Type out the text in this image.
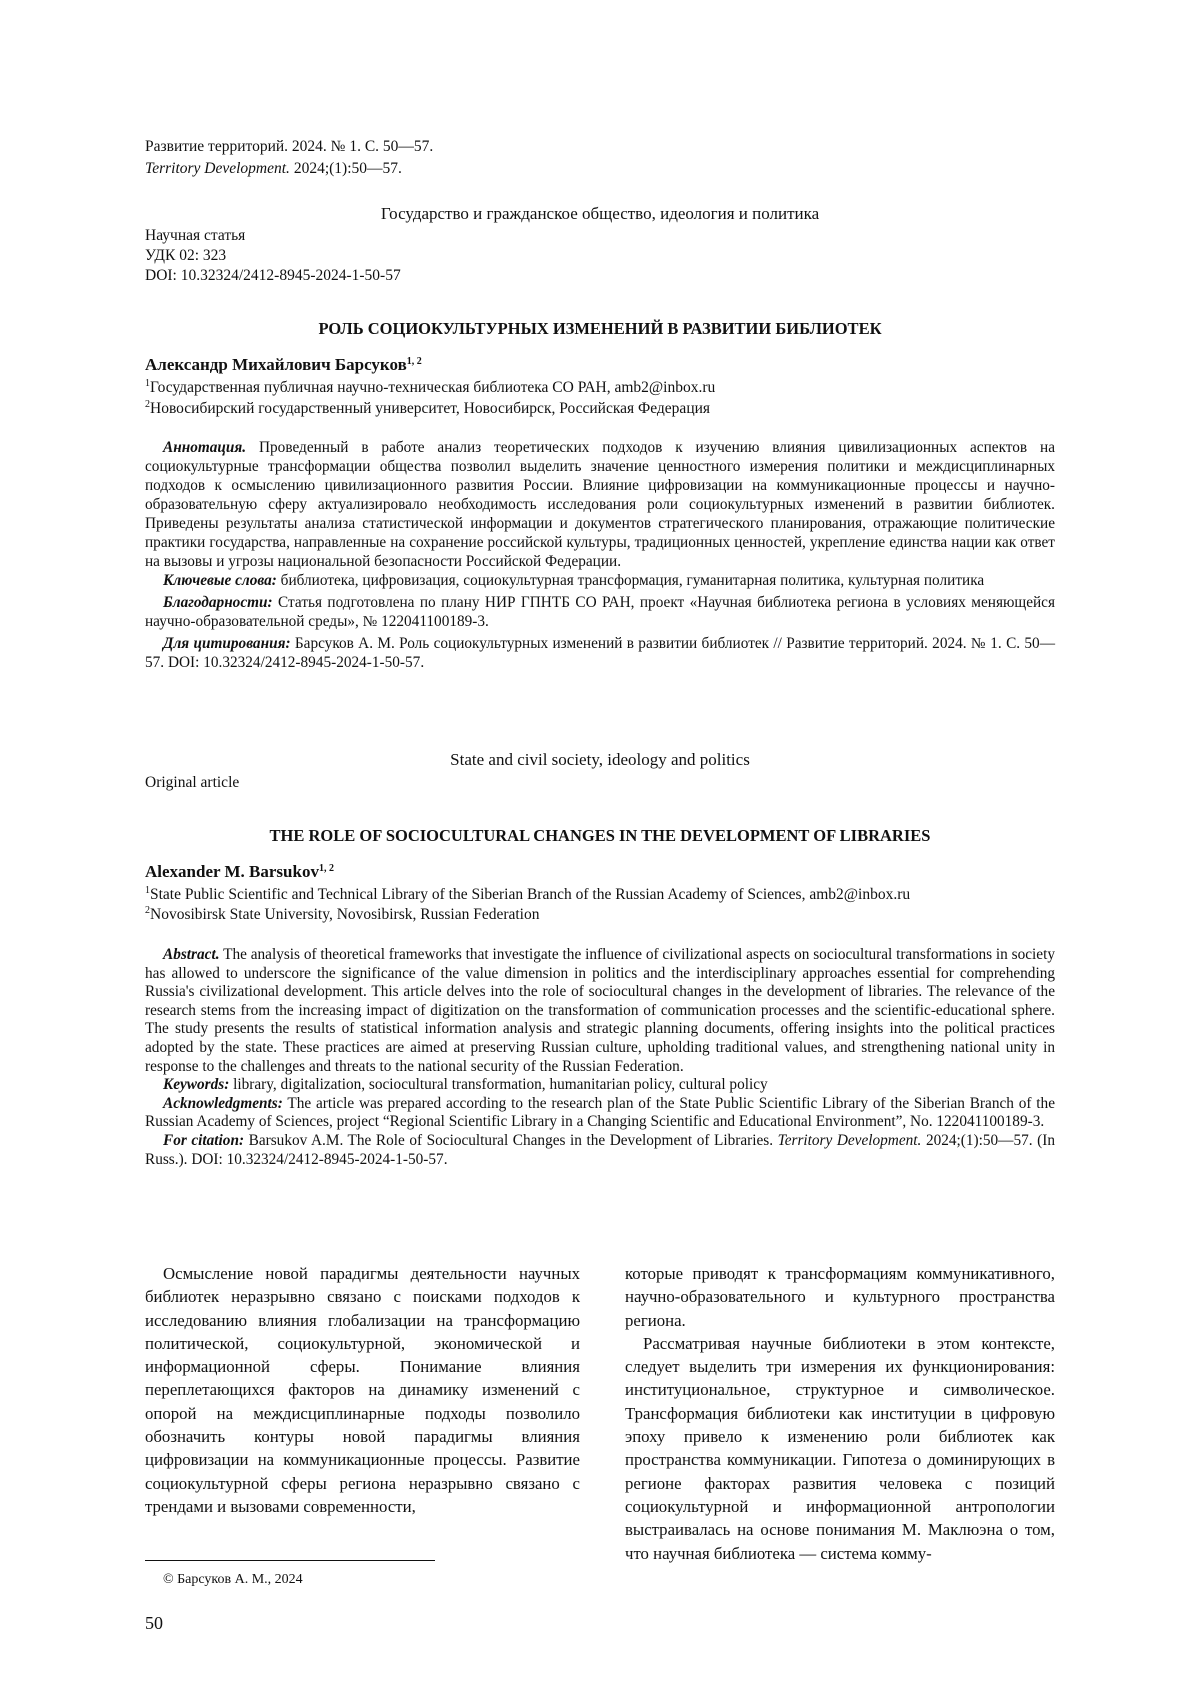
Развитие территорий. 2024. № 1. С. 50—57.
Territory Development. 2024;(1):50—57.
Государство и гражданское общество, идеология и политика
Научная статья
УДК 02: 323
DOI: 10.32324/2412-8945-2024-1-50-57
РОЛЬ СОЦИОКУЛЬТУРНЫХ ИЗМЕНЕНИЙ В РАЗВИТИИ БИБЛИОТЕК
Александр Михайлович Барсуков$^{1, 2}$
$^1$Государственная публичная научно-техническая библиотека СО РАН, amb2@inbox.ru
$^2$Новосибирский государственный университет, Новосибирск, Российская Федерация
Аннотация. Проведенный в работе анализ теоретических подходов к изучению влияния цивилизационных аспектов на социокультурные трансформации общества позволил выделить значение ценностного измерения политики и междисциплинарных подходов к осмыслению цивилизационного развития России. Влияние цифровизации на коммуникационные процессы и научно-образовательную сферу актуализировало необходимость исследования роли социокультурных изменений в развитии библиотек. Приведены результаты анализа статистической информации и документов стратегического планирования, отражающие политические практики государства, направленные на сохранение российской культуры, традиционных ценностей, укрепление единства нации как ответ на вызовы и угрозы национальной безопасности Российской Федерации.
Ключевые слова: библиотека, цифровизация, социокультурная трансформация, гуманитарная политика, культурная политика
Благодарности: Статья подготовлена по плану НИР ГПНТБ СО РАН, проект «Научная библиотека региона в условиях меняющейся научно-образовательной среды», № 122041100189-3.
Для цитирования: Барсуков А. М. Роль социокультурных изменений в развитии библиотек // Развитие территорий. 2024. № 1. С. 50—57. DOI: 10.32324/2412-8945-2024-1-50-57.
State and civil society, ideology and politics
Original article
THE ROLE OF SOCIOCULTURAL CHANGES IN THE DEVELOPMENT OF LIBRARIES
Alexander M. Barsukov$^{1, 2}$
$^1$State Public Scientific and Technical Library of the Siberian Branch of the Russian Academy of Sciences, amb2@inbox.ru
$^2$Novosibirsk State University, Novosibirsk, Russian Federation
Abstract. The analysis of theoretical frameworks that investigate the influence of civilizational aspects on sociocultural transformations in society has allowed to underscore the significance of the value dimension in politics and the interdisciplinary approaches essential for comprehending Russia's civilizational development. This article delves into the role of sociocultural changes in the development of libraries. The relevance of the research stems from the increasing impact of digitization on the transformation of communication processes and the scientific-educational sphere. The study presents the results of statistical information analysis and strategic planning documents, offering insights into the political practices adopted by the state. These practices are aimed at preserving Russian culture, upholding traditional values, and strengthening national unity in response to the challenges and threats to the national security of the Russian Federation.
Keywords: library, digitalization, sociocultural transformation, humanitarian policy, cultural policy
Acknowledgments: The article was prepared according to the research plan of the State Public Scientific Library of the Siberian Branch of the Russian Academy of Sciences, project “Regional Scientific Library in a Changing Scientific and Educational Environment”, No. 122041100189-3.
For citation: Barsukov A.M. The Role of Sociocultural Changes in the Development of Libraries. Territory Development. 2024;(1):50—57. (In Russ.). DOI: 10.32324/2412-8945-2024-1-50-57.

Осмысление новой парадигмы деятельности научных библиотек неразрывно связано с поисками подходов к исследованию влияния глобализации на трансформацию политической, социокультурной, экономической и информационной сферы. Понимание влияния переплетающихся факторов на динамику изменений с опорой на междисциплинарные подходы позволило обозначить контуры новой парадигмы влияния цифровизации на коммуникационные процессы. Развитие социокультурной сферы региона неразрывно связано с трендами и вызовами современности,

которые приводят к трансформациям коммуникативного, научно-образовательного и культурного пространства региона.

Рассматривая научные библиотеки в этом контексте, следует выделить три измерения их функционирования: институциональное, структурное и символическое. Трансформация библиотеки как институции в цифровую эпоху привело к изменению роли библиотек как пространства коммуникации. Гипотеза о доминирующих в регионе факторах развития человека с позиций социокультурной и информационной антропологии выстраивалась на основе понимания М. Маклюэна о том, что научная библиотека — система комму-

© Барсуков А. М., 2024
50
